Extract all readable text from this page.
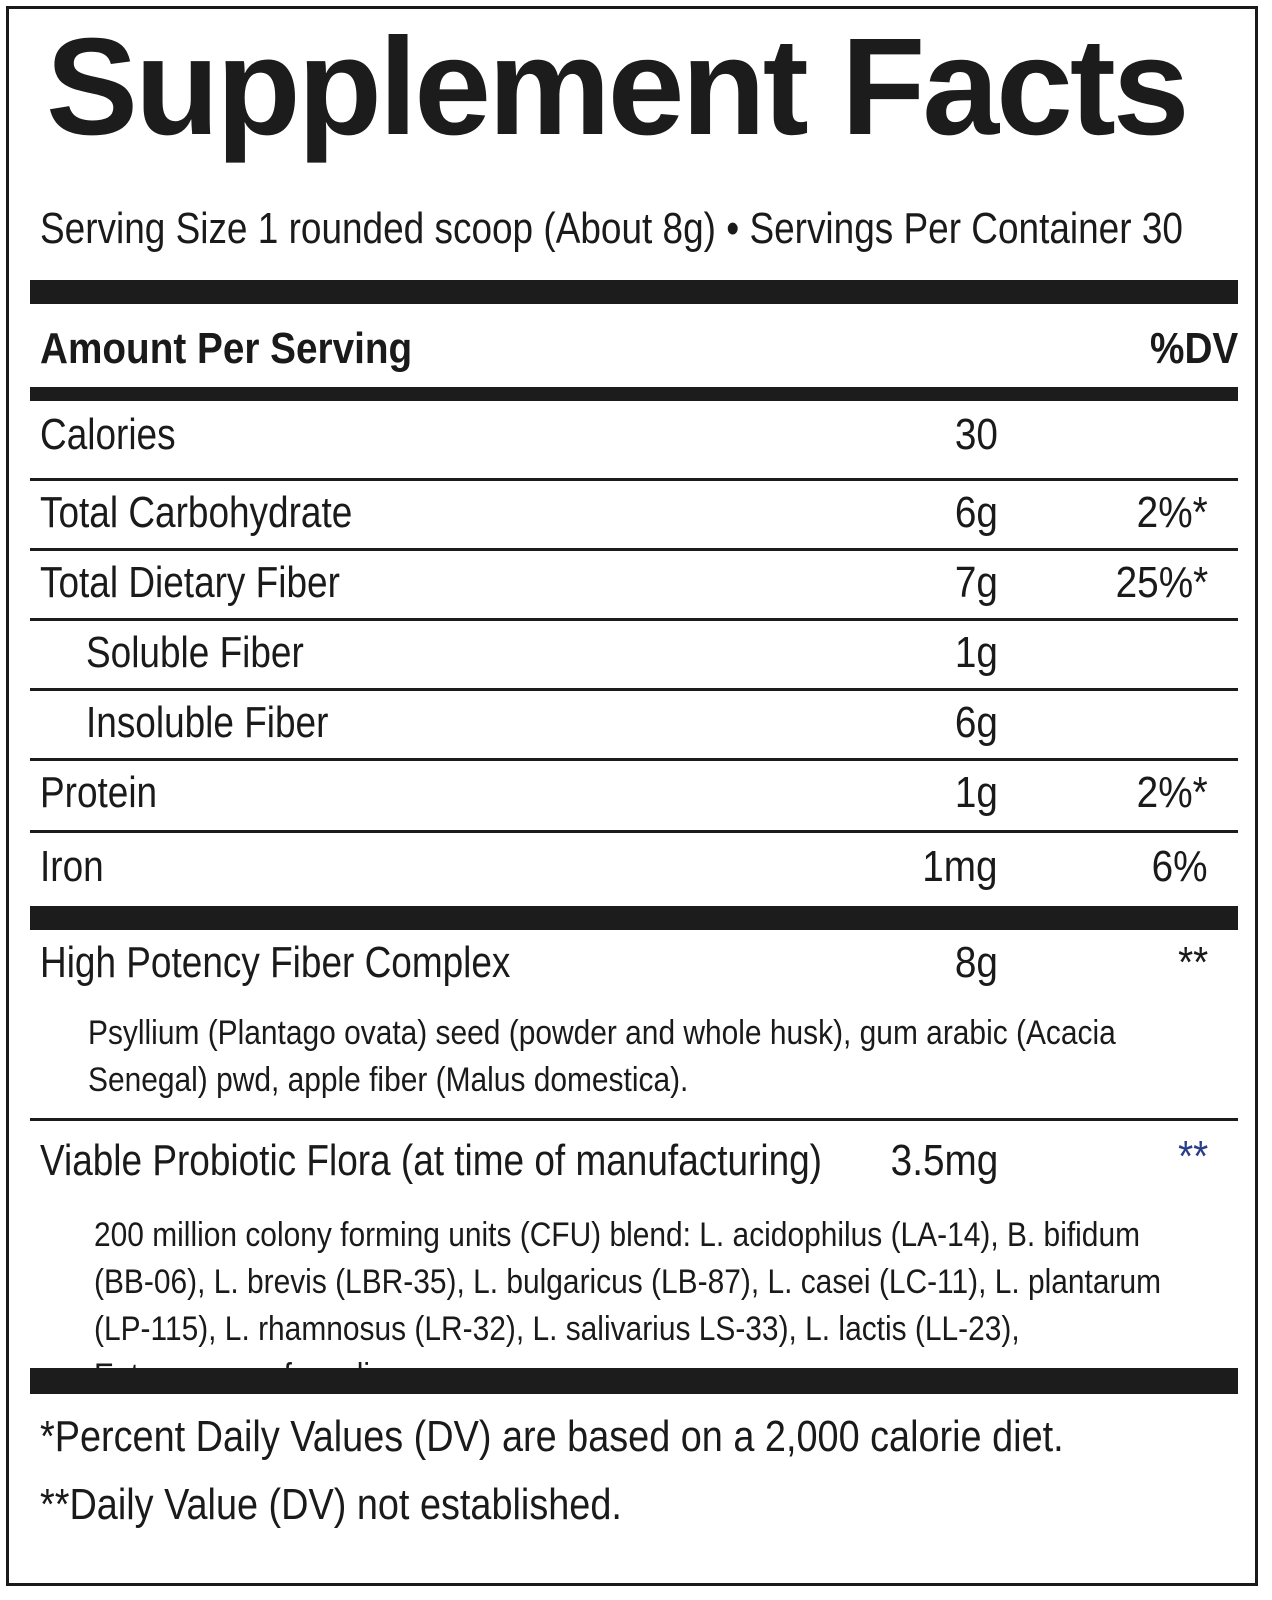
Supplement Facts
Serving Size 1 rounded scoop (About 8g) • Servings Per Container 30
Amount Per Serving	%DV
Calories	30
Total Carbohydrate	6g	2%*
Total Dietary Fiber	7g	25%*
Soluble Fiber	1g
Insoluble Fiber	6g
Protein	1g	2%*
Iron	1mg	6%
High Potency Fiber Complex	8g	**
Psyllium (Plantago ovata) seed (powder and whole husk), gum arabic (Acacia Senegal) pwd, apple fiber (Malus domestica).
Viable Probiotic Flora (at time of manufacturing) 3.5mg	**
200 million colony forming units (CFU) blend: L. acidophilus (LA-14), B. bifidum (BB-06), L. brevis (LBR-35), L. bulgaricus (LB-87), L. casei (LC-11), L. plantarum (LP-115), L. rhamnosus (LR-32), L. salivarius LS-33), L. lactis (LL-23),
*Percent Daily Values (DV) are based on a 2,000 calorie diet.
**Daily Value (DV) not established.
